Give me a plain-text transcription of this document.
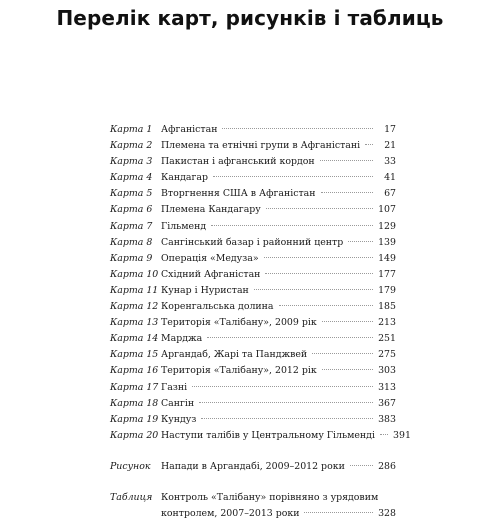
Перелік карт, рисунків і таблиць
Карта 1 Афганістан	17
Карта 2 Племена та етнічні групи в Афганістані	21
Карта 3 Пакистан і афганський кордон	33
Карта 4 Кандагар	41
Карта 5 Вторгнення США в Афганістан	67
Карта 6 Племена Кандагару	107
Карта 7 Гільменд	129
Карта 8 Сангінський базар і районний центр	139
Карта 9 Операція «Медуза»	149
Карта 10 Східний Афганістан	177
Карта 11 Кунар і Нуристан	179
Карта 12 Коренгальська долина	185
Карта 13 Територія «Талібану», 2009 рік	213
Карта 14 Марджа	251
Карта 15 Аргандаб, Жарі та Панджвей	275
Карта 16 Територія «Талібану», 2012 рік	303
Карта 17 Газні	313
Карта 18 Сангін	367
Карта 19 Кундуз	383
Карта 20 Наступи талібів у Центральному Гільменді 391
Рисунок	Напади в Аргандабі, 2009–2012 роки	286
Таблиця Контроль «Талібану» порівняно з урядовим
контролем, 2007–2013 роки	328
